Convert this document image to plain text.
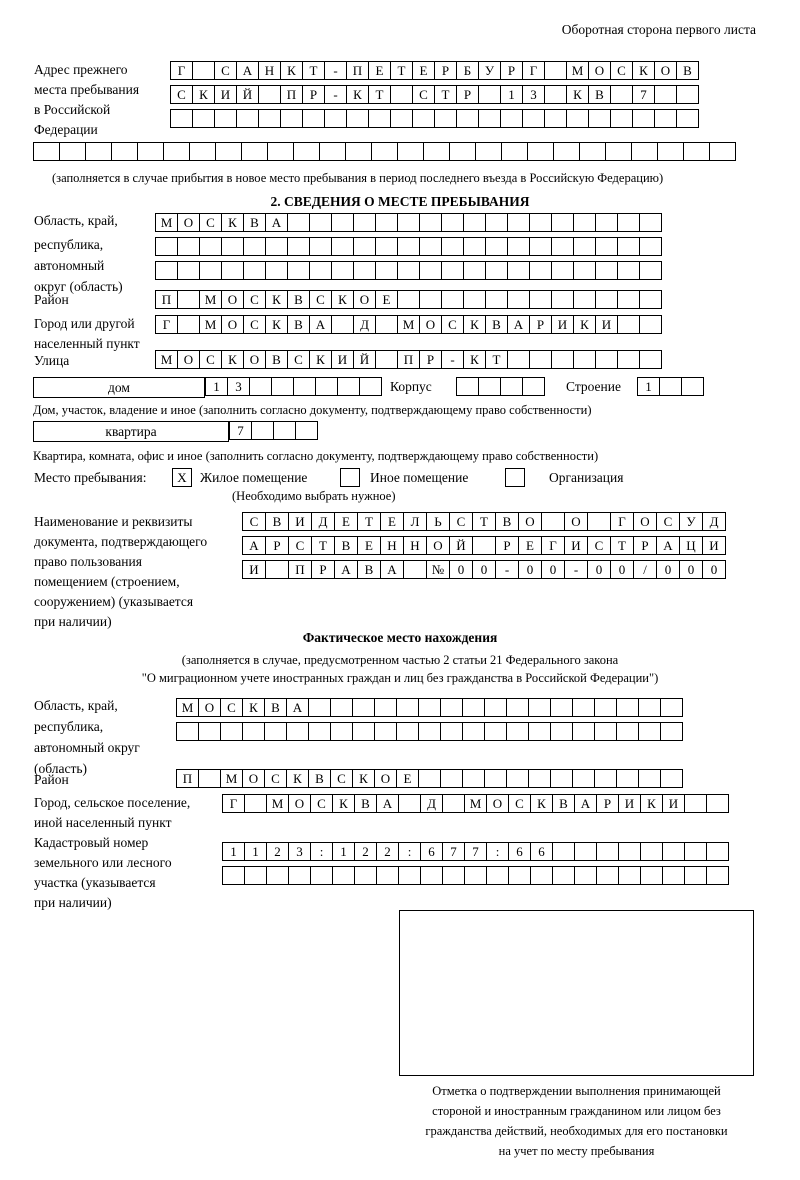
Оборотная сторона первого листа
Адрес прежнего
места пребывания
в Российской
Федерации
Г	С А Н К	Т	-	П	Е	Т	Е	Р	Б	У	Р	Г	М О С	К О В
С	К И Й	П	Р	-	К	Т	С	Т	Р	1	3	К	В	7
(заполняется в случае прибытия в новое место пребывания в период последнего въезда в Российскую Федерацию)
2. СВЕДЕНИЯ О МЕСТЕ ПРЕБЫВАНИЯ
Область, край,
республика,
автономный
округ (область)
М О С	К	В А
Район	П	М О С	К	В	С	К О	Е
Город или другой
населенный пункт
Г	М О С	К	В А	Д	М О С	К	В А	Р	И К И
Улица	М О С	К О В	С	К И Й	П	Р	-	К	Т
дом	1	3	Корпус	Строение	1
Дом, участок, владение и иное (заполнить согласно документу, подтверждающему право собственности)
квартира	7
Квартира, комната, офис и иное (заполнить согласно документу, подтверждающему право собственности)
Место пребывания:	X Жилое помещение	Иное помещение	Организация
(Необходимо выбрать нужное)
Наименование и реквизиты
документа, подтверждающего
право пользования
помещением (строением,
сооружением) (указывается
при наличии)
С	В	И	Д	Е	Т	Е	Л	Ь	С	Т	В	О	О	Г	О	С	У	Д
А	Р	С	Т	В	Е	Н	Н	О	Й	Р	Е	Г	И	С	Т	Р	А	Ц	И
И	П	Р	А	В	А	№	0	0	-	0	0	-	0	0	/	0	0	0
Фактическое место нахождения
(заполняется в случае, предусмотренном частью 2 статьи 21 Федерального закона
"О миграционном учете иностранных граждан и лиц без гражданства в Российской Федерации")
Область, край,
республика,
автономный округ
(область)
М О С	К	В А
Район	П	М О С	К	В	С	К О	Е
Город, сельское поселение,
иной населенный пункт
Г	М О С	К	В А	Д	М О С	К	В А	Р	И К И
Кадастровый номер
земельного или лесного
участка (указывается
при наличии)
1	1	2	3	:	1	2	2	:	6	7	7	:	6	6
Отметка о подтверждении выполнения принимающей
стороной и иностранным гражданином или лицом без
гражданства действий, необходимых для его постановки
на учет по месту пребывания
